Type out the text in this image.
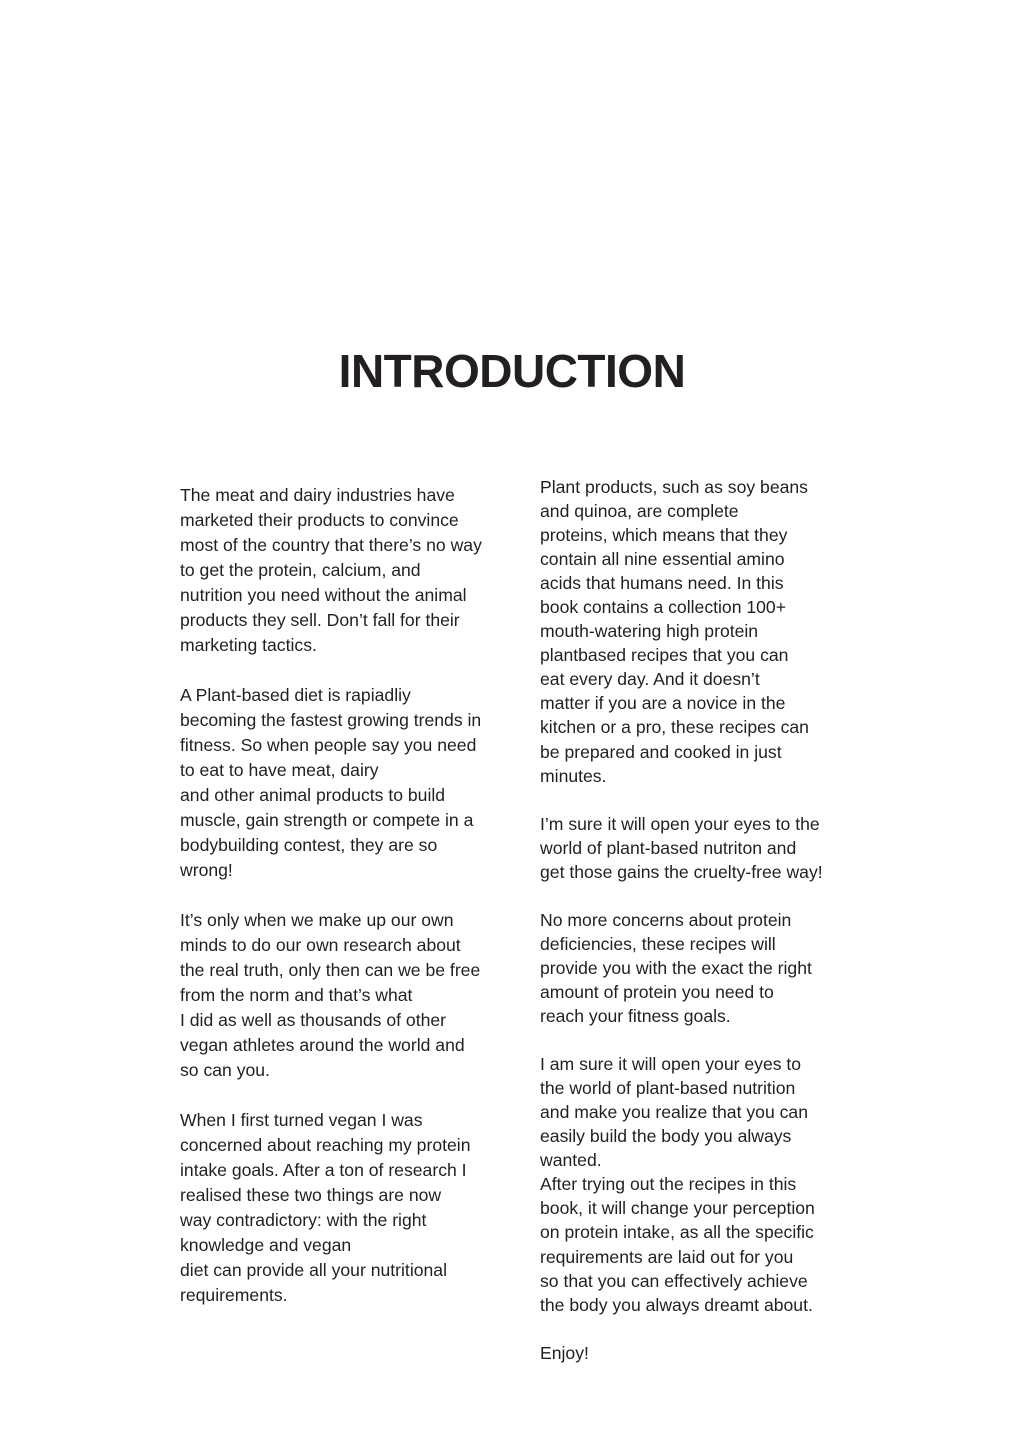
INTRODUCTION
The meat and dairy industries have
marketed their products to convince
most of the country that there’s no way
to get the protein, calcium, and
nutrition you need without the animal
products they sell. Don’t fall for their
marketing tactics.
A Plant-based diet is rapiadliy
becoming the fastest growing trends in
fitness. So when people say you need
to eat to have meat, dairy
and other animal products to build
muscle, gain strength or compete in a
bodybuilding contest, they are so
wrong!
It’s only when we make up our own
minds to do our own research about
the real truth, only then can we be free
from the norm and that’s what
I did as well as thousands of other
vegan athletes around the world and
so can you.
When I first turned vegan I was
concerned about reaching my protein
intake goals. After a ton of research I
realised these two things are now
way contradictory: with the right
knowledge and vegan
diet can provide all your nutritional
requirements.
Plant products, such as soy beans
and quinoa, are complete
proteins, which means that they
contain all nine essential amino
acids that humans need. In this
book contains a collection 100+
mouth-watering high protein
plantbased recipes that you can
eat every day. And it doesn’t
matter if you are a novice in the
kitchen or a pro, these recipes can
be prepared and cooked in just
minutes.
I’m sure it will open your eyes to the
world of plant-based nutriton and
get those gains the cruelty-free way!
No more concerns about protein
deficiencies, these recipes will
provide you with the exact the right
amount of protein you need to
reach your fitness goals.
I am sure it will open your eyes to
the world of plant-based nutrition
and make you realize that you can
easily build the body you always
wanted.
After trying out the recipes in this
book, it will change your perception
on protein intake, as all the specific
requirements are laid out for you
so that you can effectively achieve
the body you always dreamt about.
Enjoy!
